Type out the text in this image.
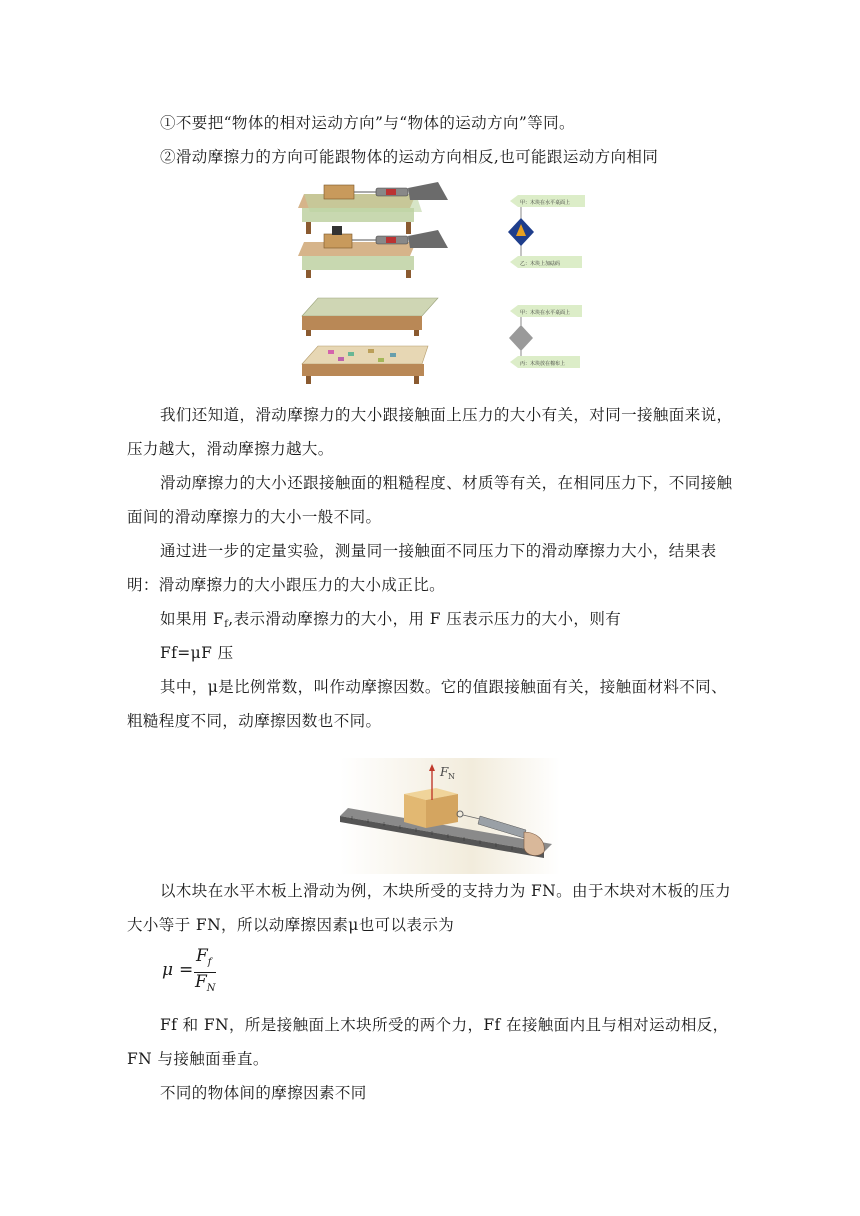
①不要把“物体的相对运动方向”与“物体的运动方向”等同。

②滑动摩擦力的方向可能跟物体的运动方向相反,也可能跟运动方向相同

甲：木块在水平桌面上
乙：木块上加砝码
甲：木块在水平桌面上
丙：木块放在棉布上

我们还知道，滑动摩擦力的大小跟接触面上压力的大小有关，对同一接触面来说，压力越大，滑动摩擦力越大。

滑动摩擦力的大小还跟接触面的粗糙程度、材质等有关，在相同压力下，不同接触面间的滑动摩擦力的大小一般不同。

通过进一步的定量实验，测量同一接触面不同压力下的滑动摩擦力大小，结果表明：滑动摩擦力的大小跟压力的大小成正比。

如果用 $F_f$,表示滑动摩擦力的大小，用 F 压表示压力的大小，则有

Ff=μF 压

其中，μ是比例常数，叫作动摩擦因数。它的值跟接触面有关，接触面材料不同、粗糙程度不同，动摩擦因数也不同。

F N

以木块在水平木板上滑动为例，木块所受的支持力为 FN。由于木块对木板的压力大小等于 FN，所以动摩擦因素μ也可以表示为

μ =
$F_f$
$F_N$

Ff 和 FN，所是接触面上木块所受的两个力，Ff 在接触面内且与相对运动相反，FN 与接触面垂直。

不同的物体间的摩擦因素不同
